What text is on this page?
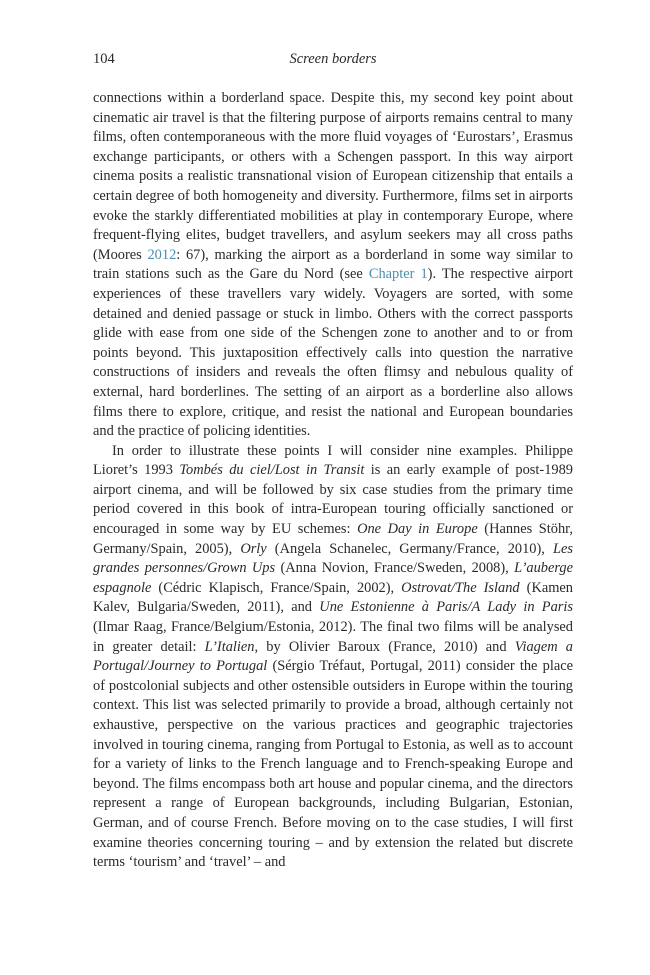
104	Screen borders

connections within a borderland space. Despite this, my second key point about cinematic air travel is that the filtering purpose of airports remains central to many films, often contemporaneous with the more fluid voyages of ‘Eurostars’, Erasmus exchange participants, or others with a Schengen passport. In this way airport cinema posits a realistic transnational vision of European citizenship that entails a certain degree of both homogeneity and diversity. Furthermore, films set in airports evoke the starkly differentiated mobilities at play in contemporary Europe, where frequent-flying elites, budget travellers, and asylum seekers may all cross paths (Moores 2012: 67), marking the airport as a borderland in some way similar to train stations such as the Gare du Nord (see Chapter 1). The respective airport experiences of these travellers vary widely. Voyagers are sorted, with some detained and denied passage or stuck in limbo. Others with the correct passports glide with ease from one side of the Schengen zone to another and to or from points beyond. This juxtaposition effectively calls into question the narrative constructions of insiders and reveals the often flimsy and nebulous quality of external, hard borderlines. The setting of an airport as a borderline also allows films there to explore, critique, and resist the national and European boundaries and the practice of policing identities.

In order to illustrate these points I will consider nine examples. Philippe Lioret’s 1993 Tombés du ciel/Lost in Transit is an early example of post-1989 airport cinema, and will be followed by six case studies from the primary time period covered in this book of intra-European touring officially sanctioned or encouraged in some way by EU schemes: One Day in Europe (Hannes Stöhr, Germany/Spain, 2005), Orly (Angela Schanelec, Germany/France, 2010), Les grandes personnes/Grown Ups (Anna Novion, France/Sweden, 2008), L’auberge espagnole (Cédric Klapisch, France/Spain, 2002), Ostrovat/The Island (Kamen Kalev, Bulgaria/Sweden, 2011), and Une Estonienne à Paris/A Lady in Paris (Ilmar Raag, France/Belgium/Estonia, 2012). The final two films will be analysed in greater detail: L’Italien, by Olivier Baroux (France, 2010) and Viagem a Portugal/Journey to Portugal (Sérgio Tréfaut, Portugal, 2011) consider the place of postcolonial subjects and other ostensible outsiders in Europe within the touring context. This list was selected primarily to provide a broad, although certainly not exhaustive, perspective on the various practices and geographic trajectories involved in touring cinema, ranging from Portugal to Estonia, as well as to account for a variety of links to the French language and to French-speaking Europe and beyond. The films encompass both art house and popular cinema, and the directors represent a range of European backgrounds, including Bulgarian, Estonian, German, and of course French. Before moving on to the case studies, I will first examine theories concerning touring – and by extension the related but discrete terms ‘tourism’ and ‘travel’ – and
